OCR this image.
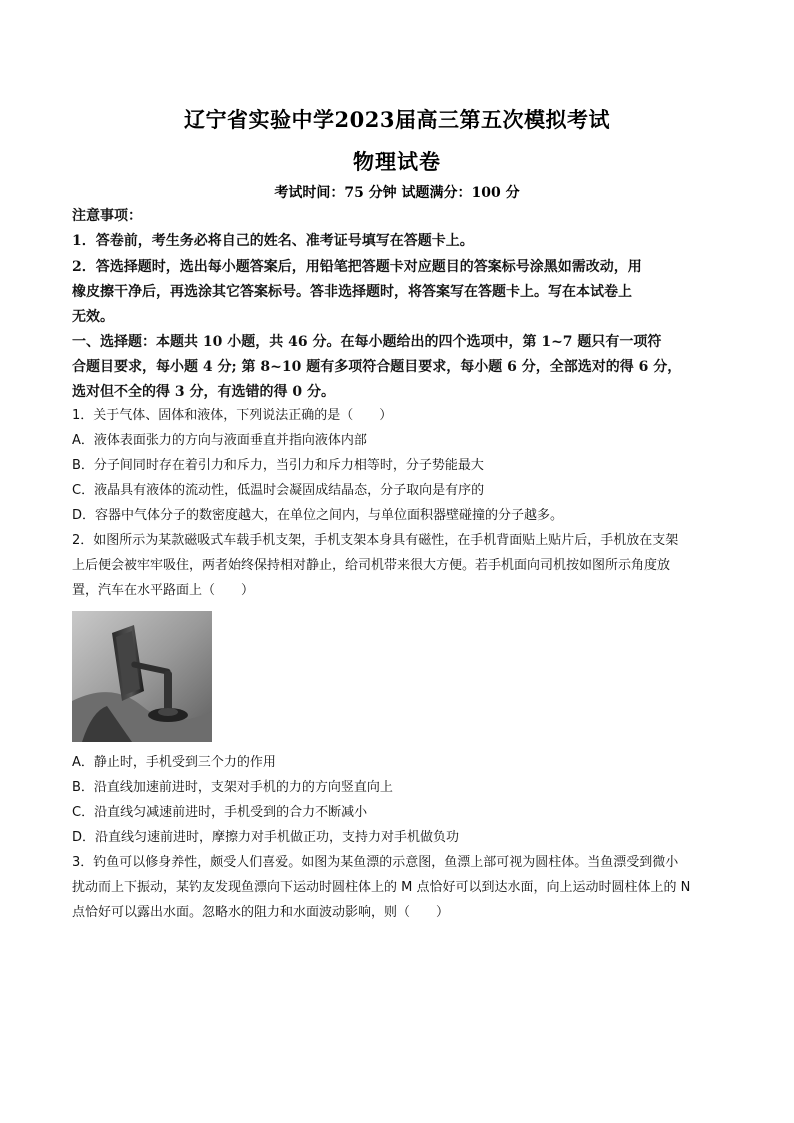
辽宁省实验中学2023届高三第五次模拟考试
物理试卷
考试时间：75 分钟 试题满分：100 分
注意事项：
1．答卷前，考生务必将自己的姓名、准考证号填写在答题卡上。
2．答选择题时，选出每小题答案后，用铅笔把答题卡对应题目的答案标号涂黑如需改动，用
橡皮擦干净后，再选涂其它答案标号。答非选择题时，将答案写在答题卡上。写在本试卷上
无效。
一、选择题：本题共 10 小题，共 46 分。在每小题给出的四个选项中，第 1~7 题只有一项符
合题目要求，每小题 4 分; 第 8~10 题有多项符合题目要求，每小题 6 分，全部选对的得 6 分，
选对但不全的得 3 分，有选错的得 0 分。
1．关于气体、固体和液体，下列说法正确的是（　　）
A．液体表面张力的方向与液面垂直并指向液体内部
B．分子间同时存在着引力和斥力，当引力和斥力相等时，分子势能最大
C．液晶具有液体的流动性，低温时会凝固成结晶态，分子取向是有序的
D．容器中气体分子的数密度越大，在单位之间内，与单位面积器壁碰撞的分子越多。
2．如图所示为某款磁吸式车载手机支架，手机支架本身具有磁性，在手机背面贴上贴片后，手机放在支架
上后便会被牢牢吸住，两者始终保持相对静止，给司机带来很大方便。若手机面向司机按如图所示角度放
置，汽车在水平路面上（　　）
A．静止时，手机受到三个力的作用
B．沿直线加速前进时，支架对手机的力的方向竖直向上
C．沿直线匀减速前进时，手机受到的合力不断减小
D．沿直线匀速前进时，摩擦力对手机做正功，支持力对手机做负功
3．钓鱼可以修身养性，颇受人们喜爱。如图为某鱼漂的示意图，鱼漂上部可视为圆柱体。当鱼漂受到微小
扰动而上下振动，某钓友发现鱼漂向下运动时圆柱体上的 M 点恰好可以到达水面，向上运动时圆柱体上的 N
点恰好可以露出水面。忽略水的阻力和水面波动影响，则（　　）
